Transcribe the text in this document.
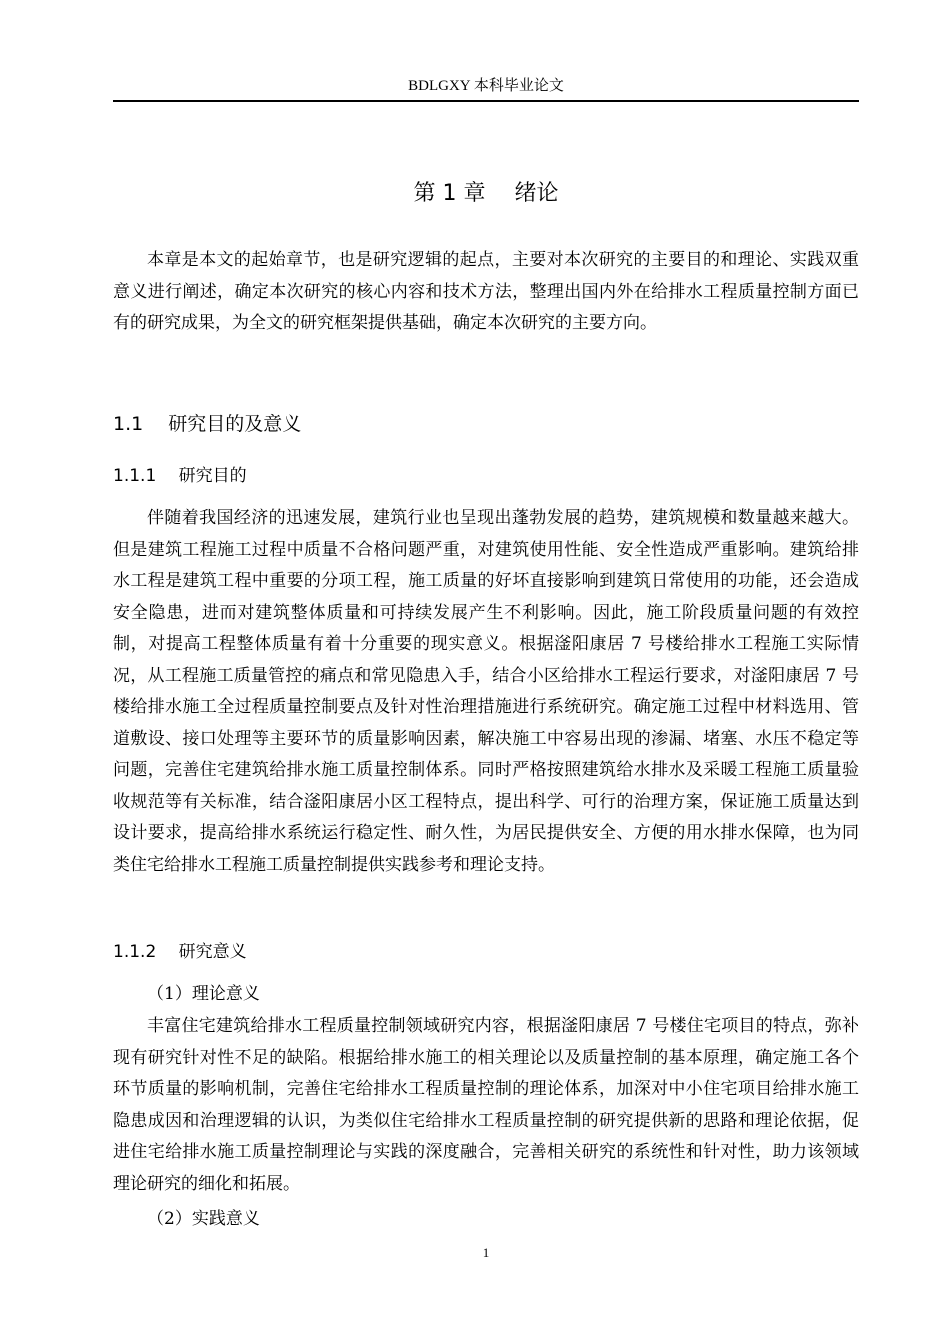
BDLGXY 本科毕业论文
第 1 章　 绪论

本章是本文的起始章节，也是研究逻辑的起点，主要对本次研究的主要目的和理论、实践双重意义进行阐述，确定本次研究的核心内容和技术方法，整理出国内外在给排水工程质量控制方面已有的研究成果，为全文的研究框架提供基础，确定本次研究的主要方向。

1.1　 研究目的及意义
1.1.1　 研究目的

伴随着我国经济的迅速发展，建筑行业也呈现出蓬勃发展的趋势，建筑规模和数量越来越大。但是建筑工程施工过程中质量不合格问题严重，对建筑使用性能、安全性造成严重影响。建筑给排水工程是建筑工程中重要的分项工程，施工质量的好坏直接影响到建筑日常使用的功能，还会造成安全隐患，进而对建筑整体质量和可持续发展产生不利影响。因此，施工阶段质量问题的有效控制，对提高工程整体质量有着十分重要的现实意义。根据滏阳康居 7 号楼给排水工程施工实际情况，从工程施工质量管控的痛点和常见隐患入手，结合小区给排水工程运行要求，对滏阳康居 7 号楼给排水施工全过程质量控制要点及针对性治理措施进行系统研究。确定施工过程中材料选用、管道敷设、接口处理等主要环节的质量影响因素，解决施工中容易出现的渗漏、堵塞、水压不稳定等问题，完善住宅建筑给排水施工质量控制体系。同时严格按照建筑给水排水及采暖工程施工质量验收规范等有关标准，结合滏阳康居小区工程特点，提出科学、可行的治理方案，保证施工质量达到设计要求，提高给排水系统运行稳定性、耐久性，为居民提供安全、方便的用水排水保障，也为同类住宅给排水工程施工质量控制提供实践参考和理论支持。

1.1.2　 研究意义
（1）理论意义

丰富住宅建筑给排水工程质量控制领域研究内容，根据滏阳康居 7 号楼住宅项目的特点，弥补现有研究针对性不足的缺陷。根据给排水施工的相关理论以及质量控制的基本原理，确定施工各个环节质量的影响机制，完善住宅给排水工程质量控制的理论体系，加深对中小住宅项目给排水施工隐患成因和治理逻辑的认识，为类似住宅给排水工程质量控制的研究提供新的思路和理论依据，促进住宅给排水施工质量控制理论与实践的深度融合，完善相关研究的系统性和针对性，助力该领域理论研究的细化和拓展。

（2）实践意义
1
